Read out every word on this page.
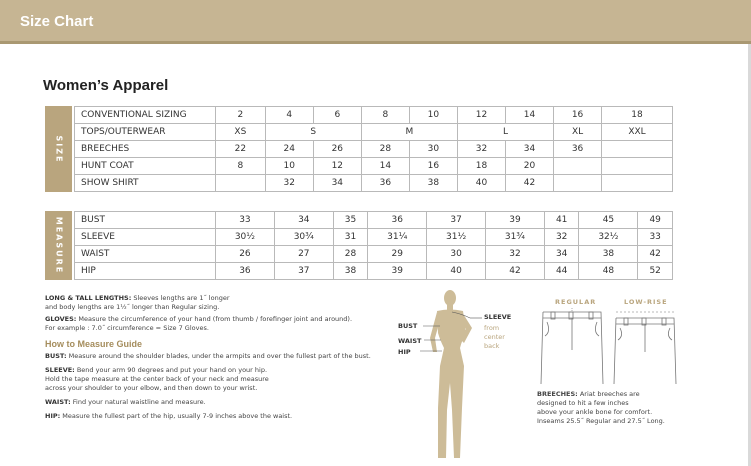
Size Chart
Women’s Apparel
SIZE
CONVENTIONAL SIZING	2	4	6	8	10	12	14	16	18
TOPS/OUTERWEAR	XS	S		M		L		XL	XXL
BREECHES	22	24	26	28	30	32	34	36	
HUNT COAT	8	10	12	14	16	18	20		
SHOW SHIRT		32	34	36	38	40	42		
MEASURE BUST	33	34	35	36	37	39	41	45	49
SLEEVE	30½	30¾	31	31¼	31½	31¾	32	32½	33
WAIST	26	27	28	29	30	32	34	38	42
HIP	36	37	38	39	40	42	44	48	52
LONG & TALL LENGTHS: Sleeves lengths are 1˝ longer
and body lengths are 1½˝ longer than Regular sizing.
GLOVES: Measure the circumference of your hand (from thumb / forefinger joint and around).
For example : 7.0˝ circumference = Size 7 Gloves.
How to Measure Guide
BUST: Measure around the shoulder blades, under the armpits and over the fullest part of the bust.
SLEEVE: Bend your arm 90 degrees and put your hand on your hip.
Hold the tape measure at the center back of your neck and measure
across your shoulder to your elbow, and then down to your wrist.
WAIST: Find your natural waistline and measure.
HIP: Measure the fullest part of the hip, usually 7-9 inches above the waist.
BUST
WAIST
HIP
SLEEVE
from
center
back
REGULAR	LOW-RISE
BREECHES: Ariat breeches are
designed to hit a few inches
above your ankle bone for comfort.
Inseams 25.5˝ Regular and 27.5˝ Long.
